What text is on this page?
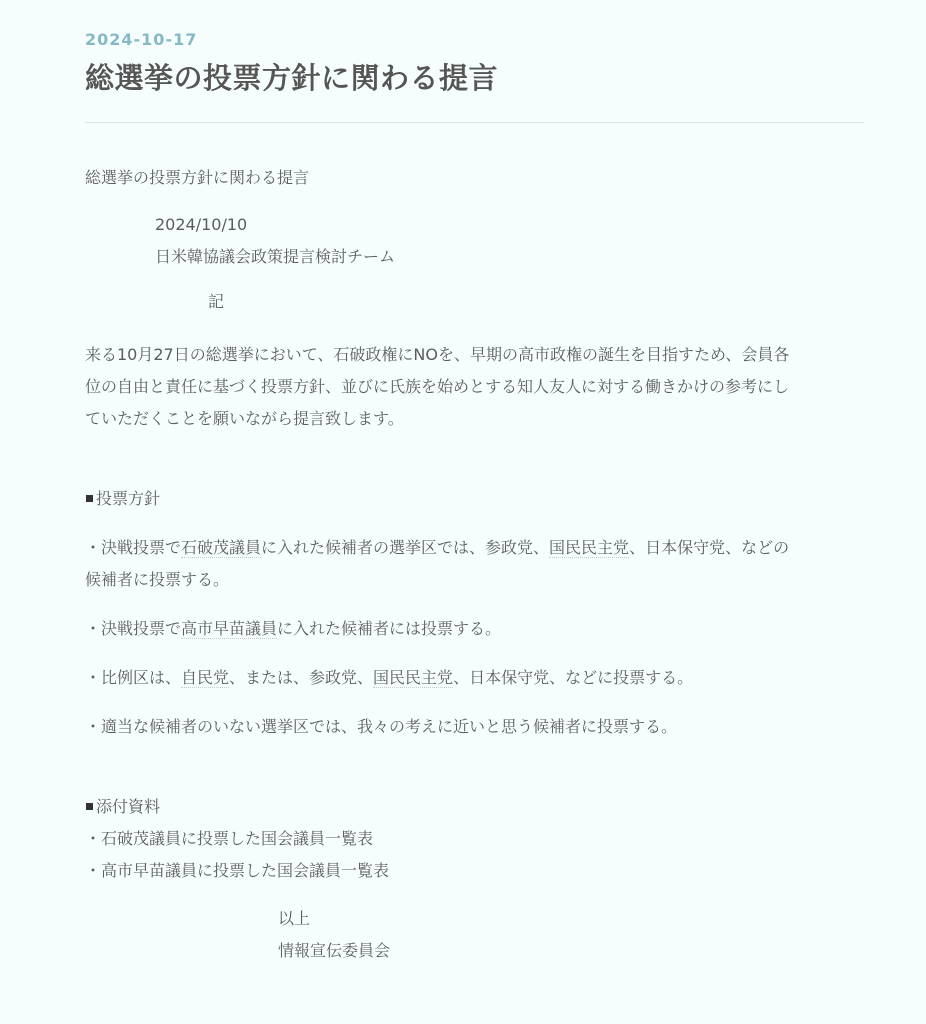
2024-10-17
総選挙の投票方針に関わる提言

総選挙の投票方針に関わる提言

2024/10/10

日米韓協議会政策提言検討チーム

記

来る10月27日の総選挙において、石破政権にNOを、早期の高市政権の誕生を目指すため、会員各

位の自由と責任に基づく投票方針、並びに氏族を始めとする知人友人に対する働きかけの参考にし

ていただくことを願いながら提言致します。

投票方針

・決戦投票で石破茂議員に入れた候補者の選挙区では、参政党、国民民主党、日本保守党、などの

候補者に投票する。

・決戦投票で高市早苗議員に入れた候補者には投票する。

・比例区は、自民党、または、参政党、国民民主党、日本保守党、などに投票する。

・適当な候補者のいない選挙区では、我々の考えに近いと思う候補者に投票する。

添付資料

・石破茂議員に投票した国会議員一覧表

・高市早苗議員に投票した国会議員一覧表

以上

情報宣伝委員会
